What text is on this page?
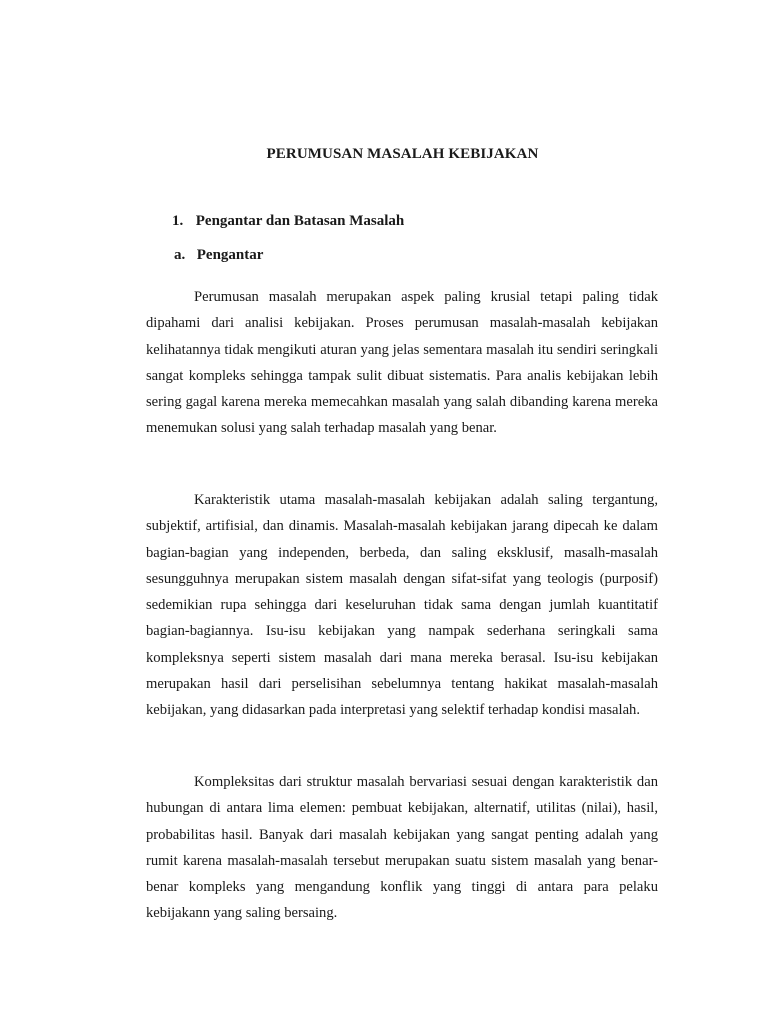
PERUMUSAN MASALAH KEBIJAKAN
1. Pengantar dan Batasan Masalah
a. Pengantar

Perumusan masalah merupakan aspek paling krusial tetapi paling tidak dipahami dari analisi kebijakan. Proses perumusan masalah-masalah kebijakan kelihatannya tidak mengikuti aturan yang jelas sementara masalah itu sendiri seringkali sangat kompleks sehingga tampak sulit dibuat sistematis. Para analis kebijakan lebih sering gagal karena mereka memecahkan masalah yang salah dibanding karena mereka menemukan solusi yang salah terhadap masalah yang benar.

Karakteristik utama masalah-masalah kebijakan adalah saling tergantung, subjektif, artifisial, dan dinamis. Masalah-masalah kebijakan jarang dipecah ke dalam bagian-bagian yang independen, berbeda, dan saling eksklusif, masalh-masalah sesungguhnya merupakan sistem masalah dengan sifat-sifat yang teologis (purposif) sedemikian rupa sehingga dari keseluruhan tidak sama dengan jumlah kuantitatif bagian-bagiannya. Isu-isu kebijakan yang nampak sederhana seringkali sama kompleksnya seperti sistem masalah dari mana mereka berasal. Isu-isu kebijakan merupakan hasil dari perselisihan sebelumnya tentang hakikat masalah-masalah kebijakan, yang didasarkan pada interpretasi yang selektif terhadap kondisi masalah.

Kompleksitas dari struktur masalah bervariasi sesuai dengan karakteristik dan hubungan di antara lima elemen: pembuat kebijakan, alternatif, utilitas (nilai), hasil, probabilitas hasil. Banyak dari masalah kebijakan yang sangat penting adalah yang rumit karena masalah-masalah tersebut merupakan suatu sistem masalah yang benar-benar kompleks yang mengandung konflik yang tinggi di antara para pelaku kebijakann yang saling bersaing.
